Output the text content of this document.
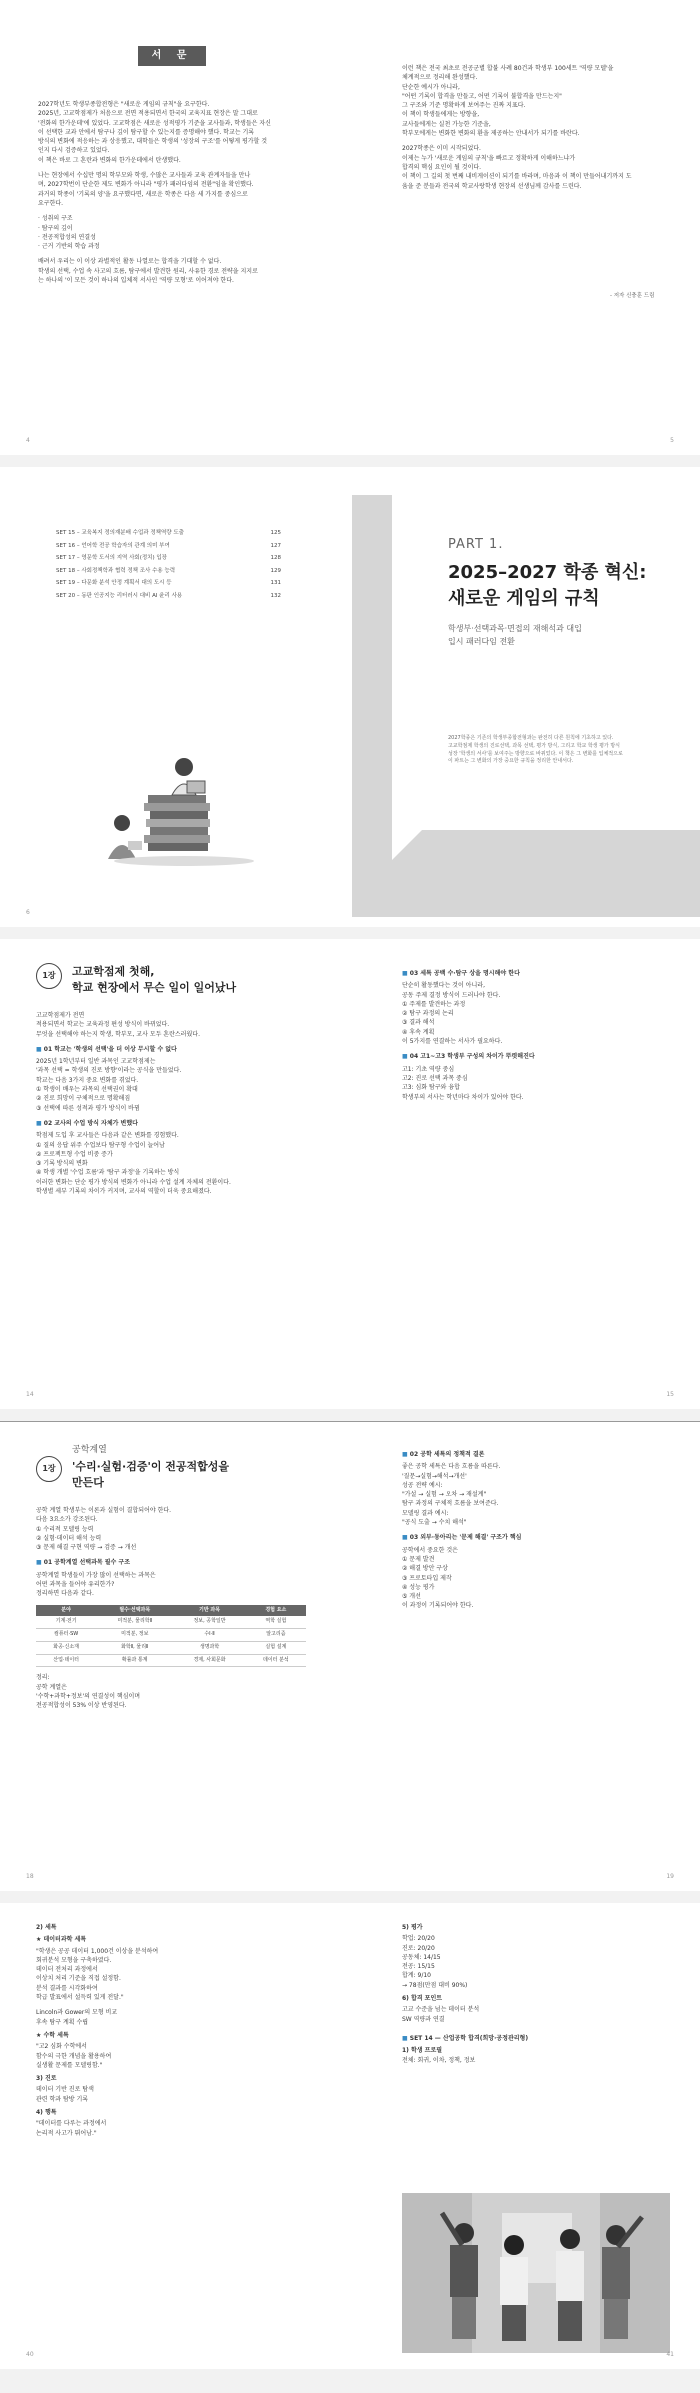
서 문
2027학년도 학생부종합전형은 "새로운 게임의 규칙"을 요구한다.
2025년, 고교학점제가 처음으로 전면 적용되면서 한국의 교육지표 현장은 말 그대로
'전화의 한가운데'에 있었다. 고교학점은 새로운 성적평가 기준을 교사들과, 학생들은 자신
이 선택한 교과 안에서 탐구나 깊이 탐구할 수 있는지를 증명해야 했다. 학교는 기록
방식의 변화에 적응하는 과 상응했고, 대학들은 학생의 '성장의 구조'를 어떻게 평가할 것
인지 다시 검증하고 있었다.
이 책은 바로 그 혼란과 변화의 한가운데에서 탄생했다.
나는 현장에서 수십만 명의 학부모와 학생, 수많은 교사들과 교육 관계자들을 만나
며, 2027학번이 단순한 제도 변화가 아니라 "평가 패러다임의 전환"임을 확인했다.
과거의 학종이 '기록의 양'을 요구했다면, 새로운 학종은 다음 세 가지를 중심으로
요구한다.
· 성취의 구조
· 탐구의 깊이
· 전공적합성의 연결성
· 근거 기반의 학습 과정
배려서 우리는 이 이상 과별적인 활동 나열로는 합격을 기대할 수 없다.
학생의 선택, 수업 속 사고의 흐름, 탐구에서 발견한 원리, 사유한 경로 전략을 지지로
는 하나의 '이 모든 것이 하나의 입체적 서사인 '역량 모형'로 이어져야 한다.
이런 책은 전국 최초로 전공군별 합불 사례 80건과 학생부 100세트 '역량 모델'을
체계적으로 정리해 완성했다.
단순한 예시가 아니라,
"어떤 기록이 합격을 만들고, 어떤 기록이 불합격을 만드는지"
그 구조와 기준 명확하게 보여주는 진짜 지표다.
이 책이 학생들에게는 방향을,
교사들에게는 실천 가능한 기준을,
학부모에게는 변화한 변화의 환을 제공하는 안내서가 되기를 바란다.
2027학종은 이미 시작되었다.
이제는 누가 '새로운 게임의 규칙'을 빠르고 정확하게 이해하느냐가
합격의 핵심 요인이 될 것이다.
이 책이 그 길의 첫 번째 내비게이션이 되기를 바라며, 마음과 이 책이 만들어내기까지 도
움을 준 분들과 전국의 학교사랑학생 현장의 선생님께 감사를 드린다.
- 저자 신충훈 드림
4	5
SET 15 – 교육복지 정의재분배 수업과 정책역량 도출	125
SET 16 – 언어학 전공 학습자의 관계 의미 부여	127
SET 17 – 영문학 도서의 지역 사회(정치) 입장	128
SET 18 – 사회정책학과 협력 정책 조사 수용 능력	129
SET 19 – 다문화 분석 안정 계획서 대의 도시 등	131
SET 20 – 동판 인공지능 리터러시 대비 AI 윤리 사용	132
6
PART 1.
2025–2027 학종 혁신:
새로운 게임의 규칙
학생부·선택과목·면접의 재해석과 대입
입시 패러다임 전환
2027학종은 기존의 학생부종합전형과는 완전히 다른 원칙에 기초하고 있다.
고교학점제 학생의 진로선택, 과목 선택, 평가 방식, 그리고 학교 학생 평가 방식
성장 '학생의 서사'를 보여주는 방향으로 바뀌었다. 이 책은 그 변화를 입체적으로
이 파트는 그 변화의 가장 중요한 규칙을 정리한 안내서다.
1장	고교학점제 첫해,
학교 현장에서 무슨 일이 일어났나
고교학점제가 전면
적용되면서 학교는 교육과정 편성 방식이 바뀌었다.
무엇을 선택해야 하는지 학생, 학부모, 교사 모두 혼란스러웠다.
■ 01 학교는 '학생의 선택'을 더 이상 무시할 수 없다
2025년 1학년부터 일반 과목인 고교학점제는
'과목 선택 = 학생의 진로 방향'이라는 공식을 만들었다.
학교는 다음 3가지 중요 변화를 겪었다.
① 학생이 배우는 과목의 선택권이 확대
② 진로 희망이 구체적으로 명확해짐
③ 선택에 따른 성적과 평가 방식이 바뀜
■ 02 교사의 수업 방식 자체가 변했다
학점제 도입 후 교사들은 다음과 같은 변화를 경험했다.
① 질의 응답 위주 수업보다 탐구형 수업이 늘어남
② 프로젝트형 수업 비중 증가
③ 기록 방식의 변화
④ 학생 개별 '수업 흐름'과 '탐구 과정'을 기록하는 방식
이러한 변화는 단순 평가 방식의 변화가 아니라 수업 설계 자체의 전환이다.
학생별 세부 기록의 차이가 커지며, 교사의 역할이 더욱 중요해졌다.
■ 03 세특 공백 수·탐구 상을 명시해야 한다
단순히 활동했다는 것이 아니라,
공동 주제 결정 방식이 드러나야 한다.
① 주제를 발견하는 과정
② 탐구 과정의 논리
③ 결과 해석
④ 후속 계획
이 5가지를 연결하는 서사가 필요하다.
■ 04 고1~고3 학생부 구성의 차이가 뚜렷해진다
고1: 기초 역량 중심
고2: 진로 선택 과목 중심
고3: 심화 탐구와 융합
학생부의 서사는 학년마다 차이가 있어야 한다.
14	15
1장
공학계열
'수리·실험·검증'이 전공적합성을
만든다
공학 계열 학생부는 이론과 실험이 결합되어야 한다.
다음 3요소가 강조된다.
① 수리적 모델링 능력
② 실험·데이터 해석 능력
③ 문제 해결 구현 역량 → 검증 → 개선
■ 01 공학계열 선택과목 필수 구조
공학계열 학생들이 가장 많이 선택하는 과목은
어떤 과목을 들어야 유리한가?
정리하면 다음과 같다.
분야	필수·선택과목	기반 과목	경험 요소
기계·전기	미적분, 물리학Ⅱ	정보, 공학일반	역학 실험
컴퓨터·SW	미적분, 정보	수Ⅰ·Ⅱ	알고리즘
화공·신소재	화학Ⅱ, 물리Ⅱ	생명과학	실험 설계
산업·데이터	확률과 통계	경제, 사회문화	데이터 분석
정리:
공학 계열은
'수학+과학+정보'의 연결성이 핵심이며
전공적합성이 53% 이상 반영된다.
■ 02 공학 세특의 정책적 결론
좋은 공학 세특은 다음 흐름을 따른다.
'질문→실험→해석→개선'
성공 전략 예시:
"가설 → 실험 → 오차 → 재설계"
탐구 과정의 구체적 흐름을 보여준다.
모델링 결과 예시:
"공식 도출 → 수치 해석"
■ 03 외부·동아리는 '문제 해결' 구조가 핵심
공학에서 중요한 것은
① 문제 발견
② 해결 방안 구상
③ 프로토타입 제작
④ 성능 평가
⑤ 개선
이 과정이 기록되어야 한다.
18	19
2) 세특
★ 데이터과학 세특
"학생은 공공 데이터 1,000건 이상을 분석하여
회귀분석 모형을 구축하였다.
데이터 전처리 과정에서
이상치 처리 기준을 직접 설정함.
분석 결과를 시각화하여
학급 발표에서 설득력 있게 전달."
Lincoln과 Gower의 모형 비교
후속 탐구 계획 수립
★ 수학 세특
"고2 심화 수학에서
함수의 극한 개념을 활용하여
실생활 문제를 모델링함."
3) 진로
데이터 기반 진로 탐색
관련 학과 탐방 기록
4) 행특
"데이터를 다루는 과정에서
논리적 사고가 뛰어남."
5) 평가
학업: 20/20
진로: 20/20
공동체: 14/15
전공: 15/15
합계: 9/10
→ 78점(만점 대비 90%)
6) 합격 포인트
고교 수준을 넘는 데이터 분석
SW 역량과 연결
■ SET 14 — 산업공학 합격(희망·공정관리형)
1) 학생 프로필
전체: 회귀, 이차, 정책, 정보
40	41
